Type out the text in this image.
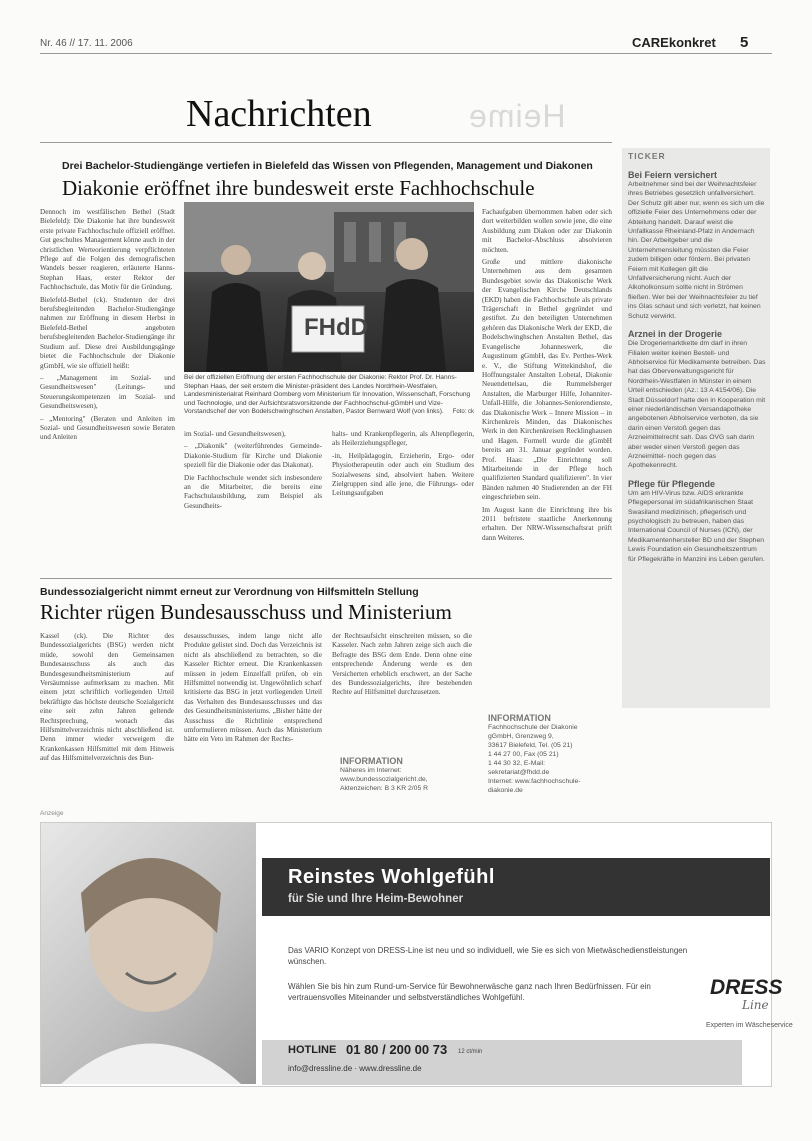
Nr. 46 // 17. 11. 2006	CAREkonkret 5
Heime
Nachrichten
Drei Bachelor-Studiengänge vertiefen in Bielefeld das Wissen von Pflegenden, Management und Diakonen
Diakonie eröffnet ihre bundesweit erste Fachhochschule

Dennoch im westfälischen Bethel (Stadt Bielefeld): Die Diakonie hat ihre bundesweit erste private Fachhochschule offiziell eröffnet. Gut geschultes Management könne auch in der christlichen Werteorientierung verpflichteten Pflege auf die Folgen des demografischen Wandels besser reagieren, erläuterte Hanns-Stephan Haas, erster Rektor der Fachhochschule, das Motiv für die Gründung.

Bielefeld-Bethel (ck). Studenten der drei berufsbegleitenden Bachelor-Studiengänge nahmen zur Eröffnung in diesem Herbst in Bielefeld-Bethel angeboten berufsbegleitenden Bachelor-Studiengänge ihr Studium auf. Diese drei Ausbildungsgänge bietet die Fachhochschule der Diakonie gGmbH, wie sie offiziell heißt:

– „Management im Sozial- und Gesundheitswesen" (Leitungs- und Steuerungskompetenzen im Sozial- und Gesundheitswesen),

– „Mentoring" (Beraten und Anleiten im Sozial- und Gesundheitswesen sowie Beraten und Anleiten

FHdD
Bei der offiziellen Eröffnung der ersten Fachhochschule der Diakonie: Rektor Prof. Dr. Hanns-Stephan Haas, der seit erstem die Minister-präsident des Landes Nordrhein-Westfalen, Landesministerialrat Reinhard Oomberg vom Ministerium für Innovation, Wissenschaft, Forschung und Technologie, und der Aufsichtsratsvorsitzende der Fachhochschul-gGmbH und Vize-Vorstandschef der von Bodelschwinghschen Anstalten, Pastor Bernward Wolf (von links). Foto: ck

im Sozial- und Gesundheitswesen),

– „Diakonik" (weiterführendes Gemeinde-Diakonie-Studium für Kirche und Diakonie speziell für die Diakonie oder das Diakonat).

Die Fachhochschule wendet sich insbesondere an die Mitarbeiter, die bereits eine Fachschulausbildung, zum Beispiel als Gesundheits-

halts- und Krankenpflegerin, als Altenpflegerin, als Heilerziehungspfleger,

-in, Heilpädagogin, Erzieherin, Ergo- oder Physiotherapeutin oder auch ein Studium des Sozialwesens sind, absolviert haben. Weitere Zielgruppen sind alle jene, die Führungs- oder Leitungsaufgaben

Fachaufgaben übernommen haben oder sich dort weiterbilden wollen sowie jene, die eine Ausbildung zum Diakon oder zur Diakonin mit Bachelor-Abschluss absolvieren möchten.

Große und mittlere diakonische Unternehmen aus dem gesamten Bundesgebiet sowie das Diakonische Werk der Evangelischen Kirche Deutschlands (EKD) haben die Fachhochschule als private Trägerschaft in Bethel gegründet und gestiftet. Zu den beteiligten Unternehmen gehören das Diakonische Werk der EKD, die Bodelschwinghschen Anstalten Bethel, das Evangelische Johanneswerk, die Augustinum gGmbH, das Ev. Perthes-Werk e. V., die Stiftung Wittekindshof, die Hoffnungstaler Anstalten Lobetal, Diakonie Neuendettelsau, die Rummelsberger Anstalten, die Marburger Hilfe, Johanniter-Unfall-Hilfe, die Johannes-Seniorendienste, das Diakonische Werk – Innere Mission – in Kirchenkreis Minden, das Diakonisches Werk in den Kirchenkreisen Recklinghausen und Hagen. Formell wurde die gGmbH bereits am 31. Januar gegründet worden. Prof. Haas: „Die Einrichtung soll Mitarbeitende in der Pflege hoch qualifizierten Standard qualifizieren". In vier Bänden nahmen 40 Studierenden an der FH eingeschrieben sein.

Im August kann die Einrichtung ihre bis 2011 befristete staatliche Anerkennung erhalten. Der NRW-Wissenschaftsrat prüft dann Weiteres.

INFORMATION
Fachhochschule der Diakonie
gGmbH, Grenzweg 9,
33617 Bielefeld, Tel. (05 21)
1 44 27 00, Fax (05 21)
1 44 30 32, E-Mail:
sekretariat@fhdd.de
Internet: www.fachhochschule-
diakonie.de
TICKER
Bei Feiern versichert
Arbeitnehmer sind bei der Weihnachtsfeier ihres Betriebes gesetzlich unfallversichert. Der Schutz gilt aber nur, wenn es sich um die offizielle Feier des Unternehmens oder der Abteilung handelt. Darauf weist die Unfallkasse Rheinland-Pfalz in Andernach hin. Der Arbeitgeber und die Unternehmensleitung müssten die Feier zudem billigen oder fördern. Bei privaten Feiern mit Kollegen gilt die Unfallversicherung nicht. Auch der Alkoholkonsum sollte nicht in Strömen fließen. Wer bei der Weihnachtsfeier zu tief ins Glas schaut und sich verletzt, hat keinen Schutz verwirkt.
Arznei in der Drogerie
Die Drogeriemarktkette dm darf in ihren Filialen weiter keinen Bestell- und Abholservice für Medikamente betreiben. Das hat das Oberverwaltungsgericht für Nordrhein-Westfalen in Münster in einem Urteil entschieden (Az.: 13 A 4154/06). Die Stadt Düsseldorf hatte den in Kooperation mit einer niederländischen Versandapotheke angebotenen Abholservice verboten, da sie darin einen Verstoß gegen das Arzneimittelrecht sah. Das OVG sah darin aber weder einen Verstoß gegen das Arzneimittel- noch gegen das Apothekenrecht.
Pflege für Pflegende
Um am HIV-Virus bzw. AIDS erkrankte Pflegepersonal im südafrikanischen Staat Swasiland medizinisch, pflegerisch und psychologisch zu betreuen, haben das International Council of Nurses (ICN), der Medikamentenhersteller BD und der Stephen Lewis Foundation ein Gesundheitszentrum für Pflegekräfte in Manzini ins Leben gerufen.
Bundessozialgericht nimmt erneut zur Verordnung von Hilfsmitteln Stellung
Richter rügen Bundesausschuss und Ministerium
Kassel (ck). Die Richter des Bundessozialgerichts (BSG) werden nicht müde, sowohl den Gemeinsamen Bundesausschuss als auch das Bundesgesundheitsministerium auf Versäumnisse aufmerksam zu machen. Mit einem jetzt schriftlich vorliegenden Urteil bekräftigte das höchste deutsche Sozialgericht eine seit zehn Jahren geltende Rechtsprechung, wonach das Hilfsmittelverzeichnis nicht abschließend ist. Denn immer wieder verweigern die Krankenkassen Hilfsmittel mit dem Hinweis auf das Hilfsmittelverzeichnis des Bun-
desausschusses, indem lange nicht alle Produkte gelistet sind. Doch das Verzeichnis ist nicht als abschließend zu betrachten, so die Kasseler Richter erneut. Die Krankenkassen müssen in jedem Einzelfall prüfen, ob ein Hilfsmittel notwendig ist. Ungewöhnlich scharf kritisierte das BSG in jetzt vorliegenden Urteil das Verhalten des Bundesausschusses und das des Gesundheitsministeriums. „Bisher hätte der Ausschuss die Richtlinie entsprechend umformulieren müssen. Auch das Ministerium hätte ein Veto im Rahmen der Rechts-
der Rechtsaufsicht einschreiten müssen, so die Kasseler. Nach zehn Jahren zeige sich auch die Befragte des BSG dem Ende. Denn ohne eine entsprechende Änderung werde es den Versicherten erheblich erschwert, an der Sache des Bundessozialgerichts, ihre bestehenden Rechte auf Hilfsmittel durchzusetzen.
INFORMATION
Näheres im Internet:
www.bundessozialgericht.de,
Aktenzeichen: B 3 KR 2/05 R
Anzeige
Reinstes Wohlgefühl
für Sie und Ihre Heim-Bewohner
Das VARIO Konzept von DRESS-Line ist neu und so individuell, wie Sie es sich von Mietwäschedienstleistungen wünschen.
Wählen Sie bis hin zum Rund-um-Service für Bewohnerwäsche ganz nach Ihren Bedürfnissen. Für ein vertrauensvolles Miteinander und selbstverständliches Wohlgefühl.	DRESS
Line
Experten im Wäscheservice
HOTLINE 01 80 / 200 00 73 12 ct/min
info@dressline.de · www.dressline.de
